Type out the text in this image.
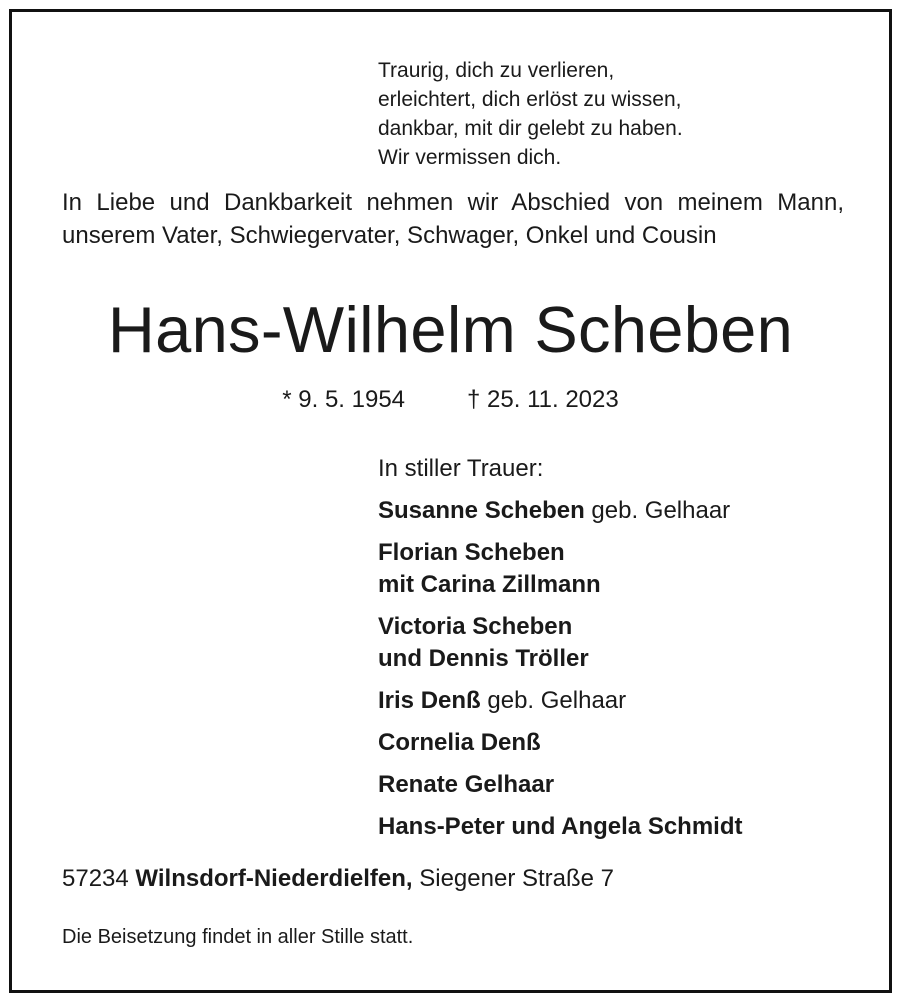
Traurig, dich zu verlieren,
erleichtert, dich erlöst zu wissen,
dankbar, mit dir gelebt zu haben.
Wir vermissen dich.
In Liebe und Dankbarkeit nehmen wir Abschied von meinem Mann, unserem Vater, Schwiegervater, Schwager, Onkel und Cousin
Hans-Wilhelm Scheben
* 9. 5. 1954	† 25. 11. 2023
In stiller Trauer:
Susanne Scheben geb. Gelhaar
Florian Scheben
mit Carina Zillmann
Victoria Scheben
und Dennis Tröller
Iris Denß geb. Gelhaar
Cornelia Denß
Renate Gelhaar
Hans-Peter und Angela Schmidt
57234 Wilnsdorf-Niederdielfen, Siegener Straße 7
Die Beisetzung findet in aller Stille statt.
